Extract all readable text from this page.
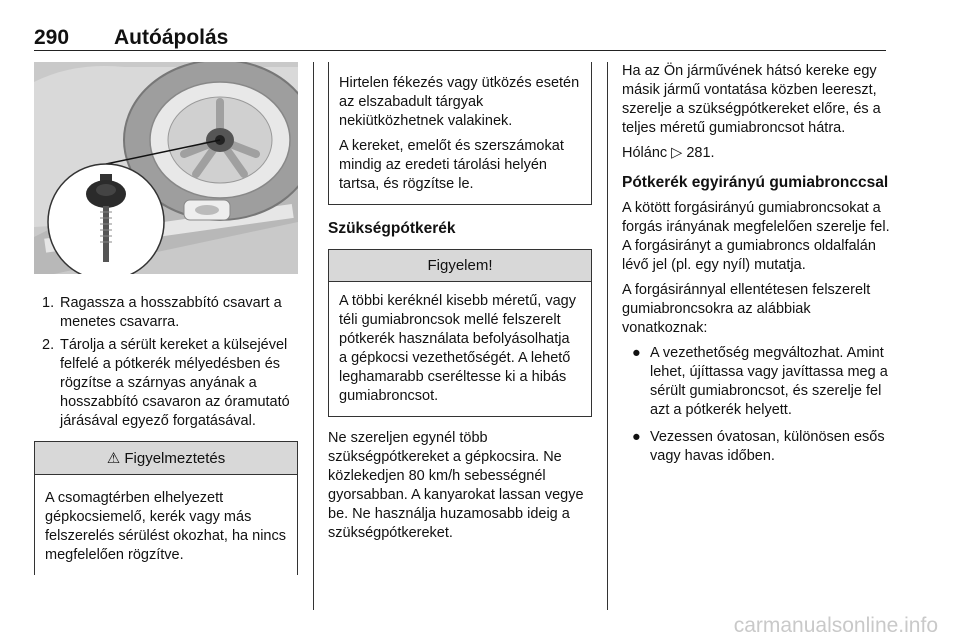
290 Autóápolás
1. Ragassza a hosszabbító csavart a menetes csavarra.
2. Tárolja a sérült kereket a külsejével felfelé a pótkerék mélyedésben és rögzítse a szárnyas anyának a hosszabbító csavaron az óramutató járásával egyező forgatásával.
⚠ Figyelmeztetés
A csomagtérben elhelyezett gépkocsiemelő, kerék vagy más felszerelés sérülést okozhat, ha nincs megfelelően rögzítve.

Hirtelen fékezés vagy ütközés esetén az elszabadult tárgyak nekiütközhetnek valakinek.

A kereket, emelőt és szerszámokat mindig az eredeti tárolási helyén tartsa, és rögzítse le.

Szükségpótkerék
Figyelem!
A többi keréknél kisebb méretű, vagy téli gumiabroncsok mellé felszerelt pótkerék használata befolyásolhatja a gépkocsi vezethetőségét. A lehető leghamarabb cseréltesse ki a hibás gumiabroncsot.

Ne szereljen egynél több szükségpótkereket a gépkocsira. Ne közlekedjen 80 km/h sebességnél gyorsabban. A kanyarokat lassan vegye be. Ne használja huzamosabb ideig a szükségpótkereket.

Ha az Ön járművének hátsó kereke egy másik jármű vontatása közben leereszt, szerelje a szükségpótkereket előre, és a teljes méretű gumiabroncsot hátra.

Hólánc ▷ 281.

Pótkerék egyirányú gumiabronccsal

A kötött forgásirányú gumiabroncsokat a forgás irányának megfelelően szerelje fel. A forgásirányt a gumiabroncs oldalfalán lévő jel (pl. egy nyíl) mutatja.

A forgásiránnyal ellentétesen felszerelt gumiabroncsokra az alábbiak vonatkoznak:

● A vezethetőség megváltozhat. Amint lehet, újíttassa vagy javíttassa meg a sérült gumiabroncsot, és szerelje fel azt a pótkerék helyett.
● Vezessen óvatosan, különösen esős vagy havas időben.
carmanualsonline.info
